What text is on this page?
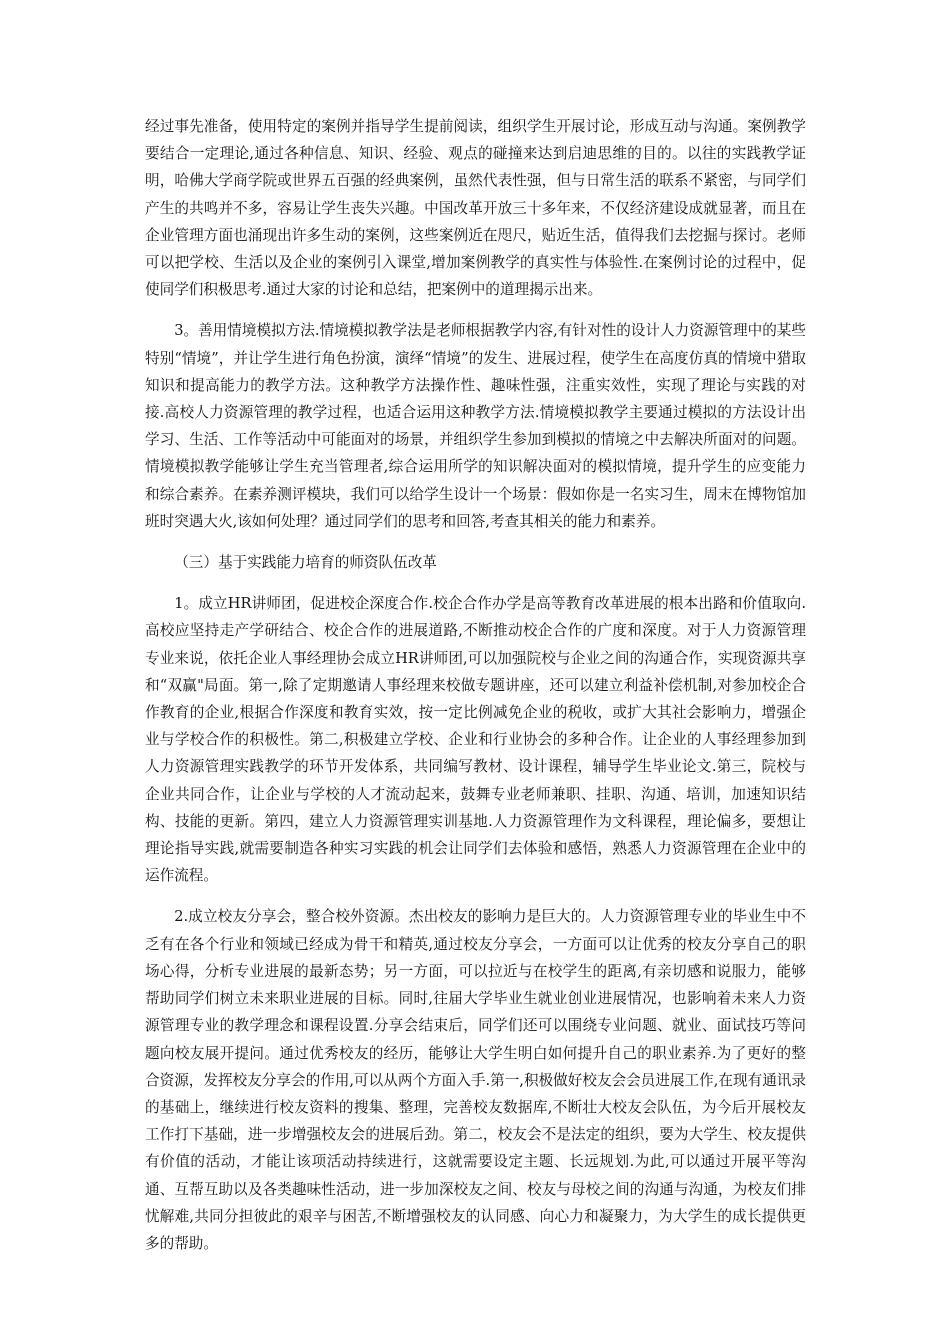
经过事先准备，使用特定的案例并指导学生提前阅读，组织学生开展讨论，形成互动与沟通。案例教学要结合一定理论,通过各种信息、知识、经验、观点的碰撞来达到启迪思维的目的。以往的实践教学证明，哈佛大学商学院或世界五百强的经典案例，虽然代表性强，但与日常生活的联系不紧密，与同学们产生的共鸣并不多，容易让学生丧失兴趣。中国改革开放三十多年来，不仅经济建设成就显著，而且在企业管理方面也涌现出许多生动的案例，这些案例近在咫尺，贴近生活，值得我们去挖掘与探讨。老师可以把学校、生活以及企业的案例引入课堂,增加案例教学的真实性与体验性.在案例讨论的过程中，促使同学们积极思考.通过大家的讨论和总结，把案例中的道理揭示出来。

3。善用情境模拟方法.情境模拟教学法是老师根据教学内容,有针对性的设计人力资源管理中的某些特别“情境”，并让学生进行角色扮演，演绎“情境”的发生、进展过程，使学生在高度仿真的情境中猎取知识和提高能力的教学方法。这种教学方法操作性、趣味性强，注重实效性，实现了理论与实践的对接.高校人力资源管理的教学过程，也适合运用这种教学方法.情境模拟教学主要通过模拟的方法设计出学习、生活、工作等活动中可能面对的场景，并组织学生参加到模拟的情境之中去解决所面对的问题。情境模拟教学能够让学生充当管理者,综合运用所学的知识解决面对的模拟情境，提升学生的应变能力和综合素养。在素养测评模块，我们可以给学生设计一个场景：假如你是一名实习生，周末在博物馆加班时突遇大火,该如何处理？通过同学们的思考和回答,考查其相关的能力和素养。

（三）基于实践能力培育的师资队伍改革

1。成立HR讲师团，促进校企深度合作.校企合作办学是高等教育改革进展的根本出路和价值取向.高校应坚持走产学研结合、校企合作的进展道路,不断推动校企合作的广度和深度。对于人力资源管理专业来说，依托企业人事经理协会成立HR讲师团,可以加强院校与企业之间的沟通合作，实现资源共享和“双赢"局面。第一,除了定期邀请人事经理来校做专题讲座，还可以建立利益补偿机制,对参加校企合作教育的企业,根据合作深度和教育实效，按一定比例减免企业的税收，或扩大其社会影响力，增强企业与学校合作的积极性。第二,积极建立学校、企业和行业协会的多种合作。让企业的人事经理参加到人力资源管理实践教学的环节开发体系，共同编写教材、设计课程，辅导学生毕业论文.第三，院校与企业共同合作，让企业与学校的人才流动起来，鼓舞专业老师兼职、挂职、沟通、培训，加速知识结构、技能的更新。第四，建立人力资源管理实训基地.人力资源管理作为文科课程，理论偏多，要想让理论指导实践,就需要制造各种实习实践的机会让同学们去体验和感悟，熟悉人力资源管理在企业中的运作流程。

2.成立校友分享会，整合校外资源。杰出校友的影响力是巨大的。人力资源管理专业的毕业生中不乏有在各个行业和领域已经成为骨干和精英,通过校友分享会，一方面可以让优秀的校友分享自己的职场心得，分析专业进展的最新态势；另一方面，可以拉近与在校学生的距离,有亲切感和说服力，能够帮助同学们树立未来职业进展的目标。同时,往届大学毕业生就业创业进展情况，也影响着未来人力资源管理专业的教学理念和课程设置.分享会结束后，同学们还可以围绕专业问题、就业、面试技巧等问题向校友展开提问。通过优秀校友的经历，能够让大学生明白如何提升自己的职业素养.为了更好的整合资源，发挥校友分享会的作用,可以从两个方面入手.第一,积极做好校友会会员进展工作,在现有通讯录的基础上，继续进行校友资料的搜集、整理，完善校友数据库,不断壮大校友会队伍，为今后开展校友工作打下基础，进一步增强校友会的进展后劲。第二，校友会不是法定的组织，要为大学生、校友提供有价值的活动，才能让该项活动持续进行，这就需要设定主题、长远规划.为此,可以通过开展平等沟通、互帮互助以及各类趣味性活动，进一步加深校友之间、校友与母校之间的沟通与沟通，为校友们排忧解难,共同分担彼此的艰辛与困苦,不断增强校友的认同感、向心力和凝聚力，为大学生的成长提供更多的帮助。
